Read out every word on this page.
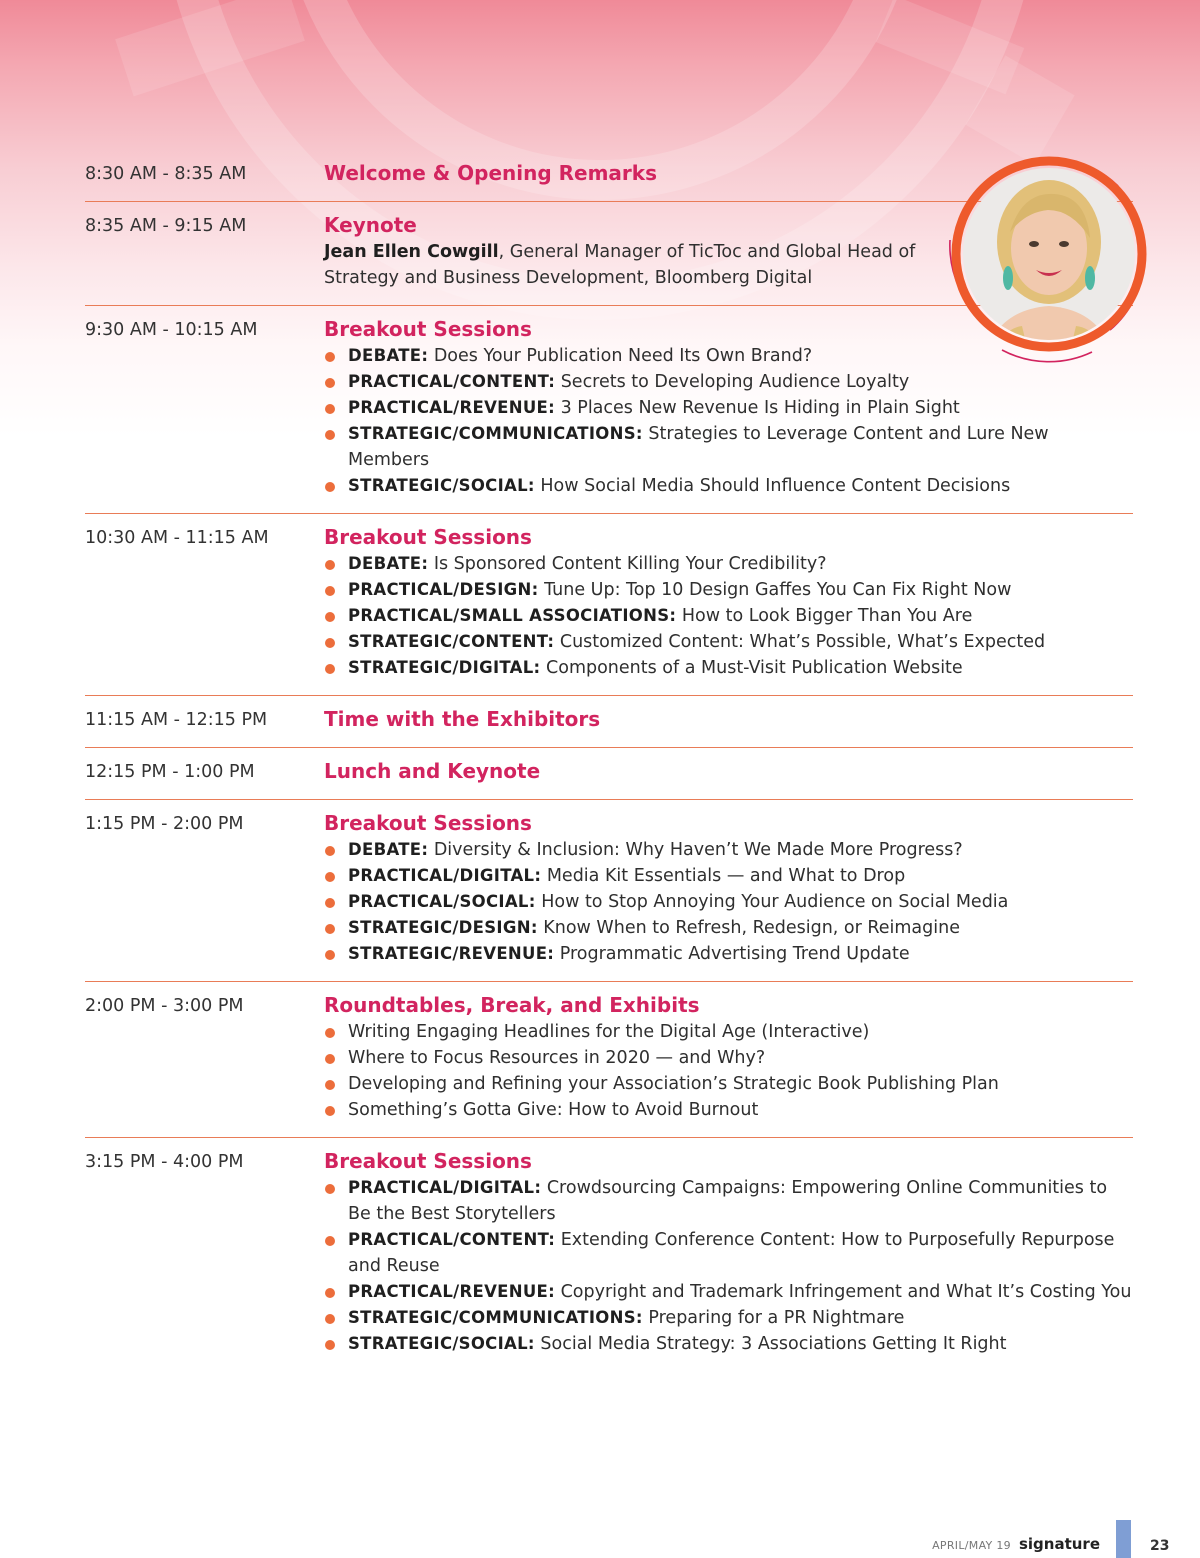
8:30 AM - 8:35 AM	Welcome & Opening Remarks
8:35 AM - 9:15 AM	Keynote
Jean Ellen Cowgill, General Manager of TicToc and Global Head of Strategy and Business Development, Bloomberg Digital
9:30 AM - 10:15 AM	Breakout Sessions
DEBATE: Does Your Publication Need Its Own Brand?
PRACTICAL/CONTENT: Secrets to Developing Audience Loyalty
PRACTICAL/REVENUE: 3 Places New Revenue Is Hiding in Plain Sight
STRATEGIC/COMMUNICATIONS: Strategies to Leverage Content and Lure New Members
STRATEGIC/SOCIAL: How Social Media Should Influence Content Decisions
10:30 AM - 11:15 AM	Breakout Sessions
DEBATE: Is Sponsored Content Killing Your Credibility?
PRACTICAL/DESIGN: Tune Up: Top 10 Design Gaffes You Can Fix Right Now
PRACTICAL/SMALL ASSOCIATIONS: How to Look Bigger Than You Are
STRATEGIC/CONTENT: Customized Content: What’s Possible, What’s Expected
STRATEGIC/DIGITAL: Components of a Must-Visit Publication Website
11:15 AM - 12:15 PM	Time with the Exhibitors
12:15 PM - 1:00 PM	Lunch and Keynote
1:15 PM - 2:00 PM	Breakout Sessions
DEBATE: Diversity & Inclusion: Why Haven’t We Made More Progress?
PRACTICAL/DIGITAL: Media Kit Essentials — and What to Drop
PRACTICAL/SOCIAL: How to Stop Annoying Your Audience on Social Media
STRATEGIC/DESIGN: Know When to Refresh, Redesign, or Reimagine
STRATEGIC/REVENUE: Programmatic Advertising Trend Update
2:00 PM - 3:00 PM	Roundtables, Break, and Exhibits
Writing Engaging Headlines for the Digital Age (Interactive)
Where to Focus Resources in 2020 — and Why?
Developing and Refining your Association’s Strategic Book Publishing Plan
Something’s Gotta Give: How to Avoid Burnout
3:15 PM - 4:00 PM	Breakout Sessions
PRACTICAL/DIGITAL: Crowdsourcing Campaigns: Empowering Online Communities to Be the Best Storytellers
PRACTICAL/CONTENT: Extending Conference Content: How to Purposefully Repurpose and Reuse
PRACTICAL/REVENUE: Copyright and Trademark Infringement and What It’s Costing You
STRATEGIC/COMMUNICATIONS: Preparing for a PR Nightmare
STRATEGIC/SOCIAL: Social Media Strategy: 3 Associations Getting It Right
APRIL/MAY 19 signature	23
